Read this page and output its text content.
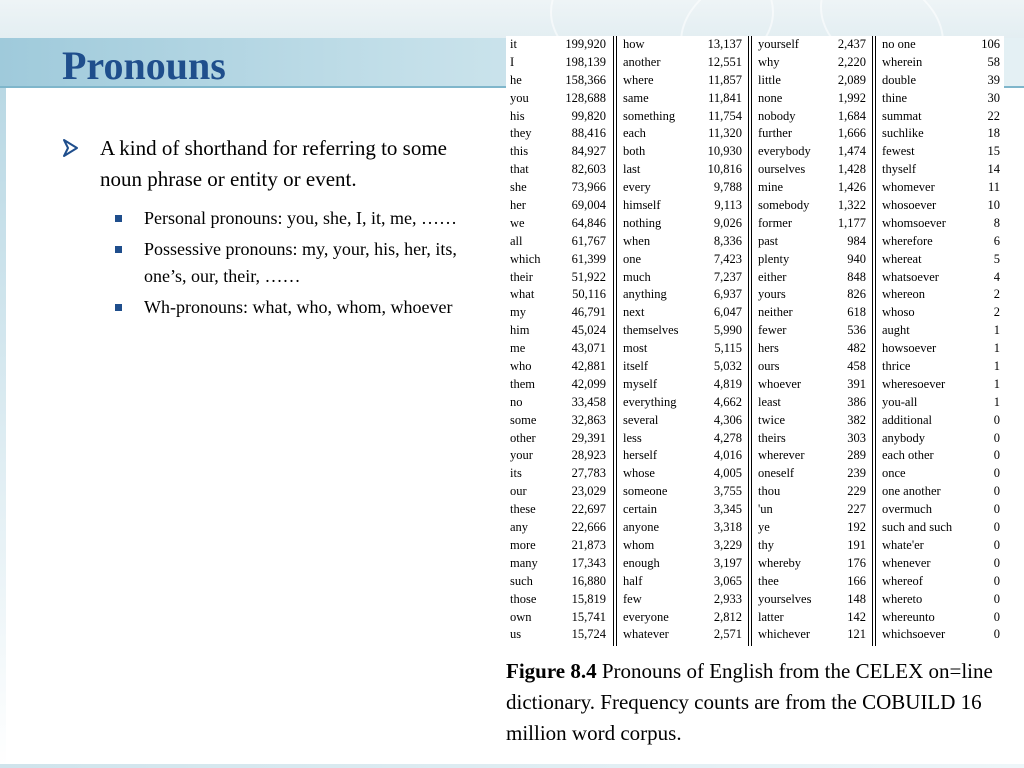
Pronouns
A kind of shorthand for referring to some noun phrase or entity or event.
Personal pronouns: you, she, I, it, me, ……
Possessive pronouns: my, your, his, her, its, one’s, our, their, ……
Wh-pronouns: what, who, whom, whoever
it	199,920
I	198,139
he	158,366
you	128,688
his	99,820
they	88,416
this	84,927
that	82,603
she	73,966
her	69,004
we	64,846
all	61,767
which 61,399
their	51,922
what	50,116
my	46,791
him	45,024
me	43,071
who	42,881
them	42,099
no	33,458
some	32,863
other	29,391
your	28,923
its	27,783
our	23,029
these	22,697
any	22,666
more	21,873
many	17,343
such	16,880
those	15,819
own	15,741
us	15,724
how	13,137
another	12,551
where	11,857
same	11,841
something	11,754
each	11,320
both	10,930
last	10,816
every	9,788
himself	9,113
nothing	9,026
when	8,336
one	7,423
much	7,237
anything	6,937
next	6,047
themselves	5,990
most	5,115
itself	5,032
myself	4,819
everything	4,662
several	4,306
less	4,278
herself	4,016
whose	4,005
someone	3,755
certain	3,345
anyone	3,318
whom	3,229
enough	3,197
half	3,065
few	2,933
everyone	2,812
whatever	2,571
yourself	2,437
why	2,220
little	2,089
none	1,992
nobody	1,684
further	1,666
everybody 1,474
ourselves	1,428
mine	1,426
somebody 1,322
former	1,177
past	984
plenty	940
either	848
yours	826
neither	618
fewer	536
hers	482
ours	458
whoever	391
least	386
twice	382
theirs	303
wherever	289
oneself	239
thou	229
'un	227
ye	192
thy	191
whereby	176
thee	166
yourselves	148
latter	142
whichever	121
no one	106
wherein	58
double	39
thine	30
summat	22
suchlike	18
fewest	15
thyself	14
whomever	11
whosoever	10
whomsoever	8
wherefore	6
whereat	5
whatsoever	4
whereon	2
whoso	2
aught	1
howsoever	1
thrice	1
wheresoever	1
you-all	1
additional	0
anybody	0
each other	0
once	0
one another	0
overmuch	0
such and such	0
whate'er	0
whenever	0
whereof	0
whereto	0
whereunto	0
whichsoever	0
Figure 8.4 Pronouns of English from the CELEX on=line dictionary. Frequency counts are from the COBUILD 16 million word corpus.
